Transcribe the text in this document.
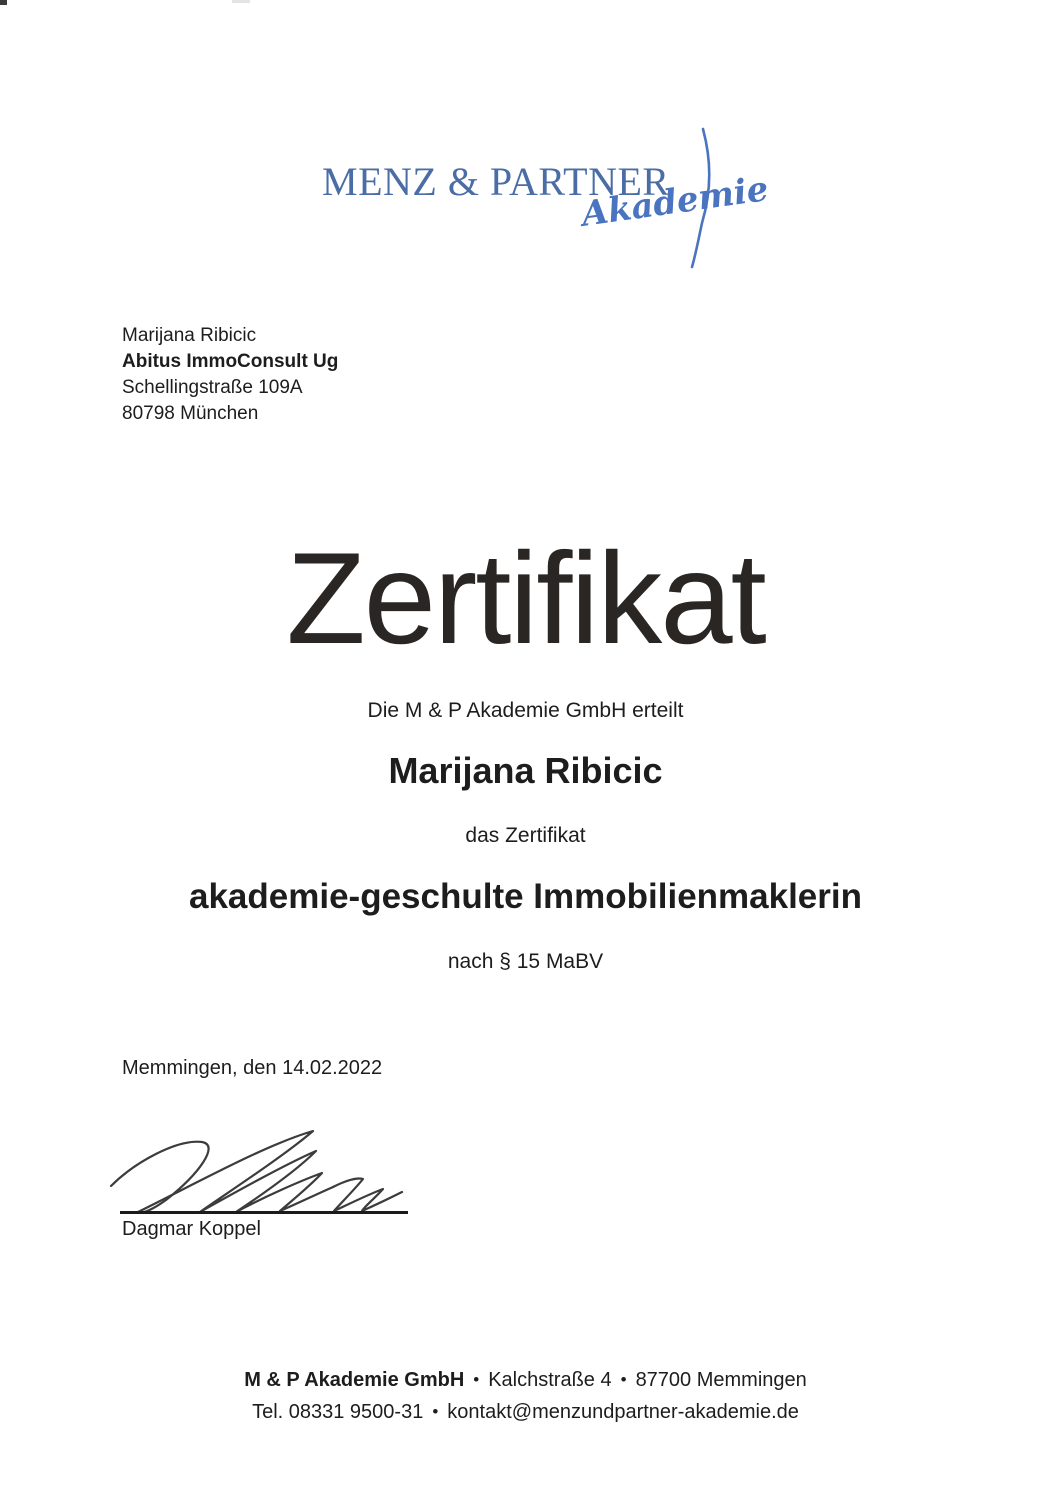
MENZ & PARTNER
Akademie
Marijana Ribicic
Abitus ImmoConsult Ug
Schellingstraße 109A
80798 München
Zertifikat

Die M & P Akademie GmbH erteilt

Marijana Ribicic

das Zertifikat

akademie-geschulte Immobilienmaklerin

nach § 15 MaBV

Memmingen, den 14.02.2022

Dagmar Koppel

M & P Akademie GmbH • Kalchstraße 4 • 87700 Memmingen
Tel. 08331 9500-31 • kontakt@menzundpartner-akademie.de
